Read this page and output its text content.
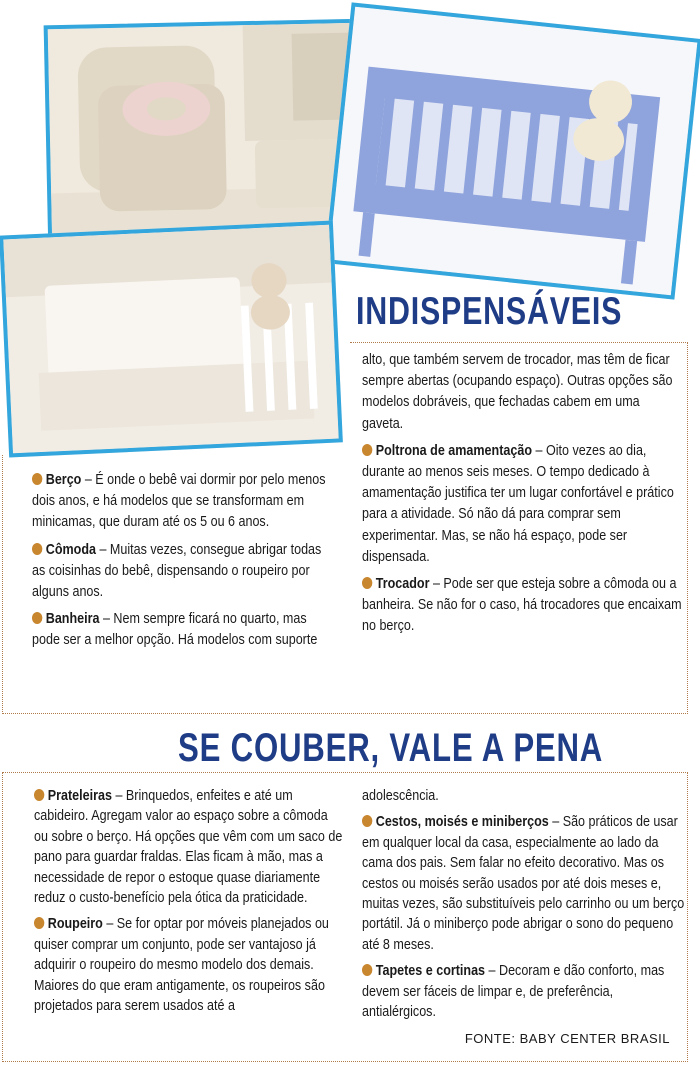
INDISPENSÁVEIS
SE COUBER, VALE A PENA

Berço – É onde o bebê vai dormir por pelo menos dois anos, e há modelos que se transformam em minicamas, que duram até os 5 ou 6 anos.

Cômoda – Muitas vezes, consegue abrigar todas as coisinhas do bebê, dispensando o roupeiro por alguns anos.

Banheira – Nem sempre ficará no quarto, mas pode ser a melhor opção. Há modelos com suporte

alto, que também servem de trocador, mas têm de ficar sempre abertas (ocupando espaço). Outras opções são modelos dobráveis, que fechadas cabem em uma gaveta.

Poltrona de amamentação – Oito vezes ao dia, durante ao menos seis meses. O tempo dedicado à amamentação justifica ter um lugar confortável e prático para a atividade. Só não dá para comprar sem experimentar. Mas, se não há espaço, pode ser dispensada.

Trocador – Pode ser que esteja sobre a cômoda ou a banheira. Se não for o caso, há trocadores que encaixam no berço.

Prateleiras – Brinquedos, enfeites e até um cabideiro. Agregam valor ao espaço sobre a cômoda ou sobre o berço. Há opções que vêm com um saco de pano para guardar fraldas. Elas ficam à mão, mas a necessidade de repor o estoque quase diariamente reduz o custo-benefício pela ótica da praticidade.

Roupeiro – Se for optar por móveis planejados ou quiser comprar um conjunto, pode ser vantajoso já adquirir o roupeiro do mesmo modelo dos demais. Maiores do que eram antigamente, os roupeiros são projetados para serem usados até a

adolescência.

Cestos, moisés e miniberços – São práticos de usar em qualquer local da casa, especialmente ao lado da cama dos pais. Sem falar no efeito decorativo. Mas os cestos ou moisés serão usados por até dois meses e, muitas vezes, são substituíveis pelo carrinho ou um berço portátil. Já o miniberço pode abrigar o sono do pequeno até 8 meses.

Tapetes e cortinas – Decoram e dão conforto, mas devem ser fáceis de limpar e, de preferência, antialérgicos.

FONTE: BABY CENTER BRASIL
